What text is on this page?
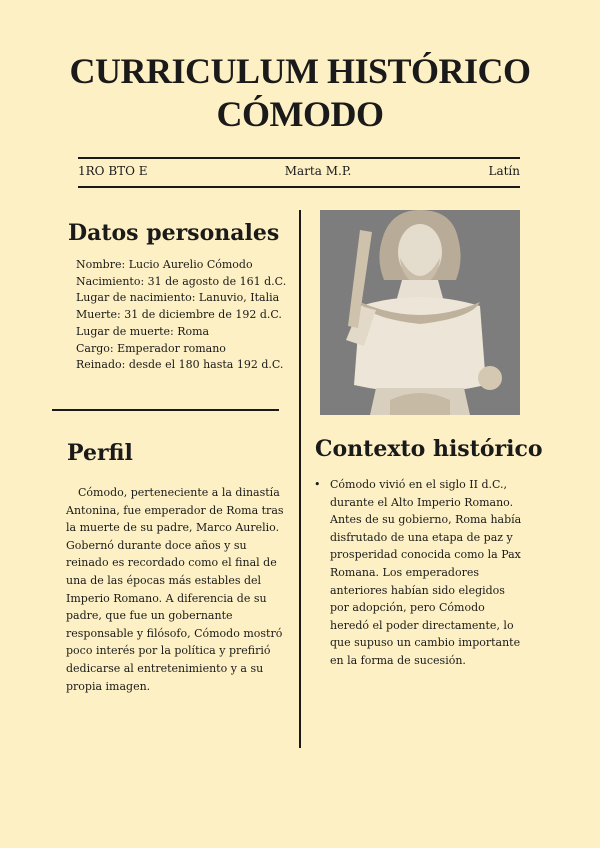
CURRICULUM HISTÓRICO
CÓMODO
1RO BTO E	Marta M.P.	Latín
Datos personales
Nombre: Lucio Aurelio Cómodo
Nacimiento: 31 de agosto de 161 d.C.
Lugar de nacimiento: Lanuvio, Italia
Muerte: 31 de diciembre de 192 d.C.
Lugar de muerte: Roma
Cargo: Emperador romano
Reinado: desde el 180 hasta 192 d.C.
Perfil

Cómodo, perteneciente a la dinastía Antonina, fue emperador de Roma tras la muerte de su padre, Marco Aurelio. Gobernó durante doce años y su reinado es recordado como el final de una de las épocas más estables del Imperio Romano. A diferencia de su padre, que fue un gobernante responsable y filósofo, Cómodo mostró poco interés por la política y prefirió dedicarse al entretenimiento y a su propia imagen.

Contexto histórico
• Cómodo vivió en el siglo II d.C., durante el Alto Imperio Romano. Antes de su gobierno, Roma había disfrutado de una etapa de paz y prosperidad conocida como la Pax Romana. Los emperadores anteriores habían sido elegidos por adopción, pero Cómodo heredó el poder directamente, lo que supuso un cambio importante en la forma de sucesión.
